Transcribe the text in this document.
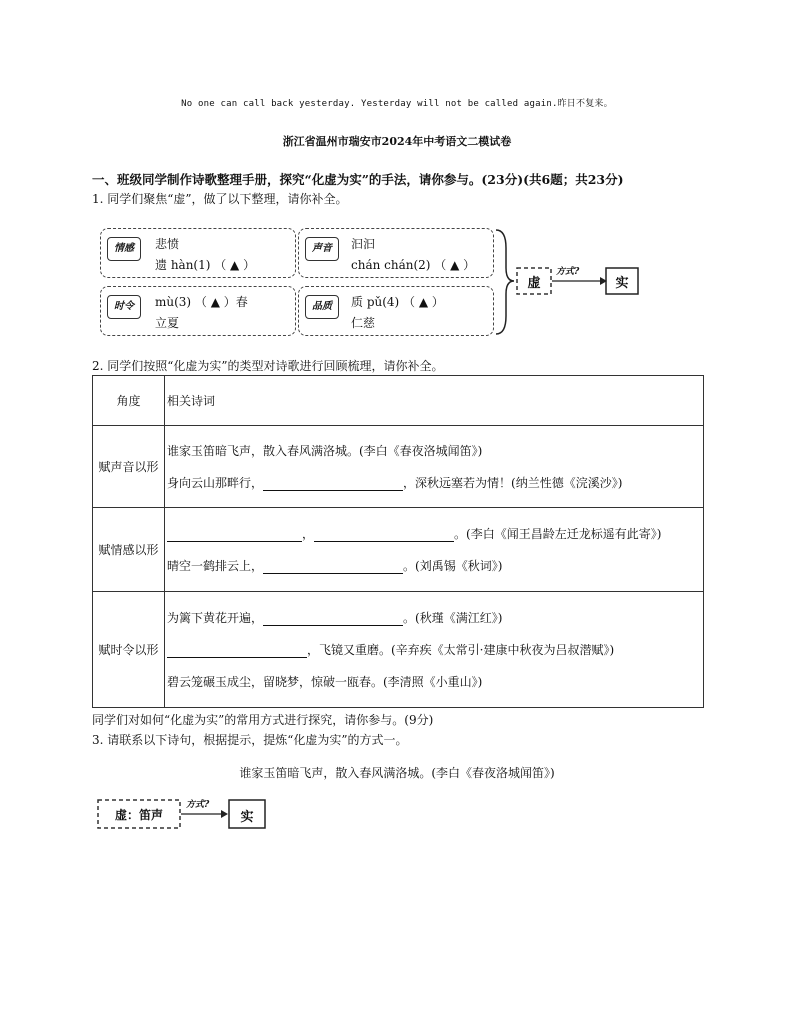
No one can call back yesterday. Yesterday will not be called again.昨日不复来。
浙江省温州市瑞安市2024年中考语文二模试卷
一、班级同学制作诗歌整理手册，探究“化虚为实”的手法，请你参与。(23分)(共6题；共23分)
1. 同学们聚焦“虚”，做了以下整理，请你补全。
情感	悲愤
遗 hàn(1) （ ▲ ）
声音	汩汩
chán chán(2) （ ▲ ）
时令	mù(3) （ ▲ ）春
立夏
品质	质 pǔ(4) （ ▲ ）
仁慈
虚
方式?
实
2. 同学们按照“化虚为实”的类型对诗歌进行回顾梳理，请你补全。
角度	相关诗词
赋声音以形	谁家玉笛暗飞声，散入春风满洛城。(李白《春夜洛城闻笛》)
身向云山那畔行， ，深秋远塞若为情！(纳兰性德《浣溪沙》)

赋情感以形	， 。(李白《闻王昌龄左迁龙标遥有此寄》)
晴空一鹤排云上， 。(刘禹锡《秋词》)

赋时令以形	为篱下黄花开遍， 。(秋瑾《满江红》)
，飞镜又重磨。(辛弃疾《太常引·建康中秋夜为吕叔潜赋》)
碧云笼碾玉成尘，留晓梦，惊破一瓯春。(李清照《小重山》)
同学们对如何“化虚为实”的常用方式进行探究，请你参与。(9分)
3. 请联系以下诗句，根据提示，提炼“化虚为实”的方式一。
谁家玉笛暗飞声，散入春风满洛城。(李白《春夜洛城闻笛》)
虚：笛声
方式?
实
